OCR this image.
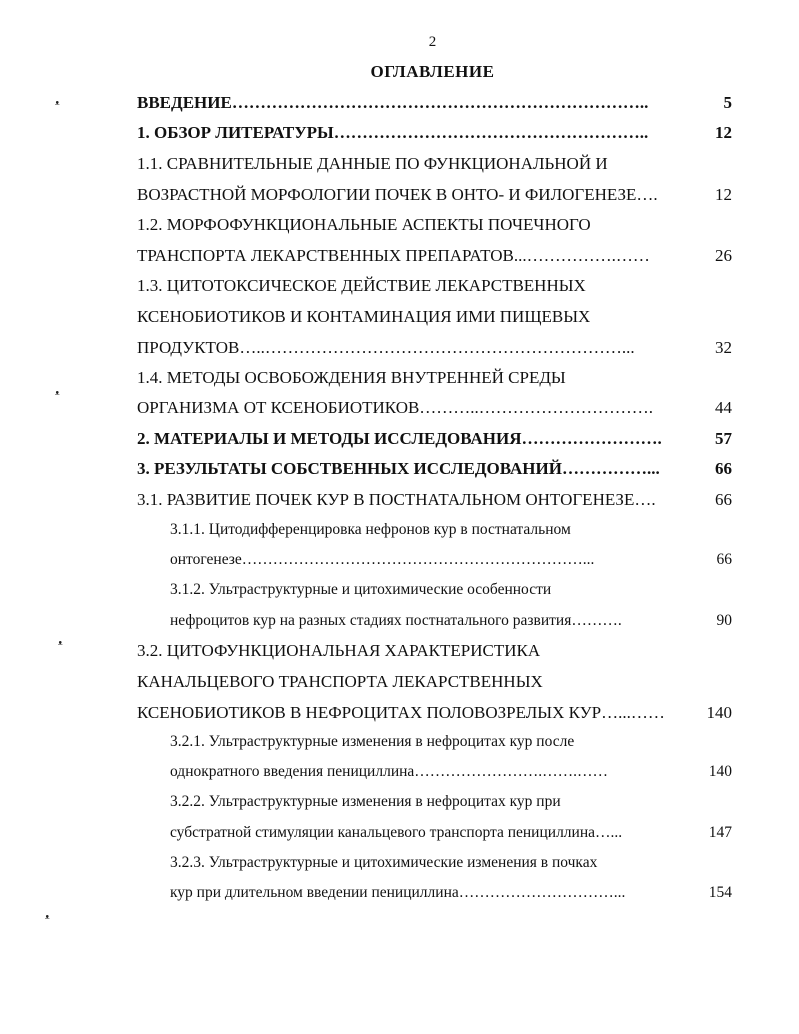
2
ОГЛАВЛЕНИЕ
ᵜ
ᵜ
ᵜ
ᵜ
ВВЕДЕНИЕ………………………………………………………………..	5
1. ОБЗОР ЛИТЕРАТУРЫ………………………………………………..	12
1.1. СРАВНИТЕЛЬНЫЕ ДАННЫЕ ПО ФУНКЦИОНАЛЬНОЙ И
ВОЗРАСТНОЙ МОРФОЛОГИИ ПОЧЕК В ОНТО- И ФИЛОГЕНЕЗЕ….	12
1.2. МОРФОФУНКЦИОНАЛЬНЫЕ АСПЕКТЫ ПОЧЕЧНОГО
ТРАНСПОРТА ЛЕКАРСТВЕННЫХ ПРЕПАРАТОВ...…………….……	26
1.3. ЦИТОТОКСИЧЕСКОЕ ДЕЙСТВИЕ ЛЕКАРСТВЕННЫХ
КСЕНОБИОТИКОВ И КОНТАМИНАЦИЯ ИМИ ПИЩЕВЫХ
ПРОДУКТОВ…..………………………………………………………...	32
1.4. МЕТОДЫ ОСВОБОЖДЕНИЯ ВНУТРЕННЕЙ СРЕДЫ
ОРГАНИЗМА ОТ КСЕНОБИОТИКОВ………..………………………….	44
2. МАТЕРИАЛЫ И МЕТОДЫ ИССЛЕДОВАНИЯ…………………….	57
3. РЕЗУЛЬТАТЫ СОБСТВЕННЫХ ИССЛЕДОВАНИЙ……………...	66
3.1. РАЗВИТИЕ ПОЧЕК КУР В ПОСТНАТАЛЬНОМ ОНТОГЕНЕЗЕ….	66
3.1.1. Цитодифференцировка нефронов кур в постнатальном
онтогенезе…………………………………………………………...	66
3.1.2. Ультраструктурные и цитохимические особенности
нефроцитов кур на разных стадиях постнатального развития……….	90
3.2. ЦИТОФУНКЦИОНАЛЬНАЯ ХАРАКТЕРИСТИКА
КАНАЛЬЦЕВОГО ТРАНСПОРТА ЛЕКАРСТВЕННЫХ
КСЕНОБИОТИКОВ В НЕФРОЦИТАХ ПОЛОВОЗРЕЛЫХ КУР…...…… 140
3.2.1. Ультраструктурные изменения в нефроцитах кур после
однократного введения пенициллина…………………….…….……	140
3.2.2. Ультраструктурные изменения в нефроцитах кур при
субстратной стимуляции канальцевого транспорта пенициллина…...	147
3.2.3. Ультраструктурные и цитохимические изменения в почках
кур при длительном введении пенициллина…………………………...	154
